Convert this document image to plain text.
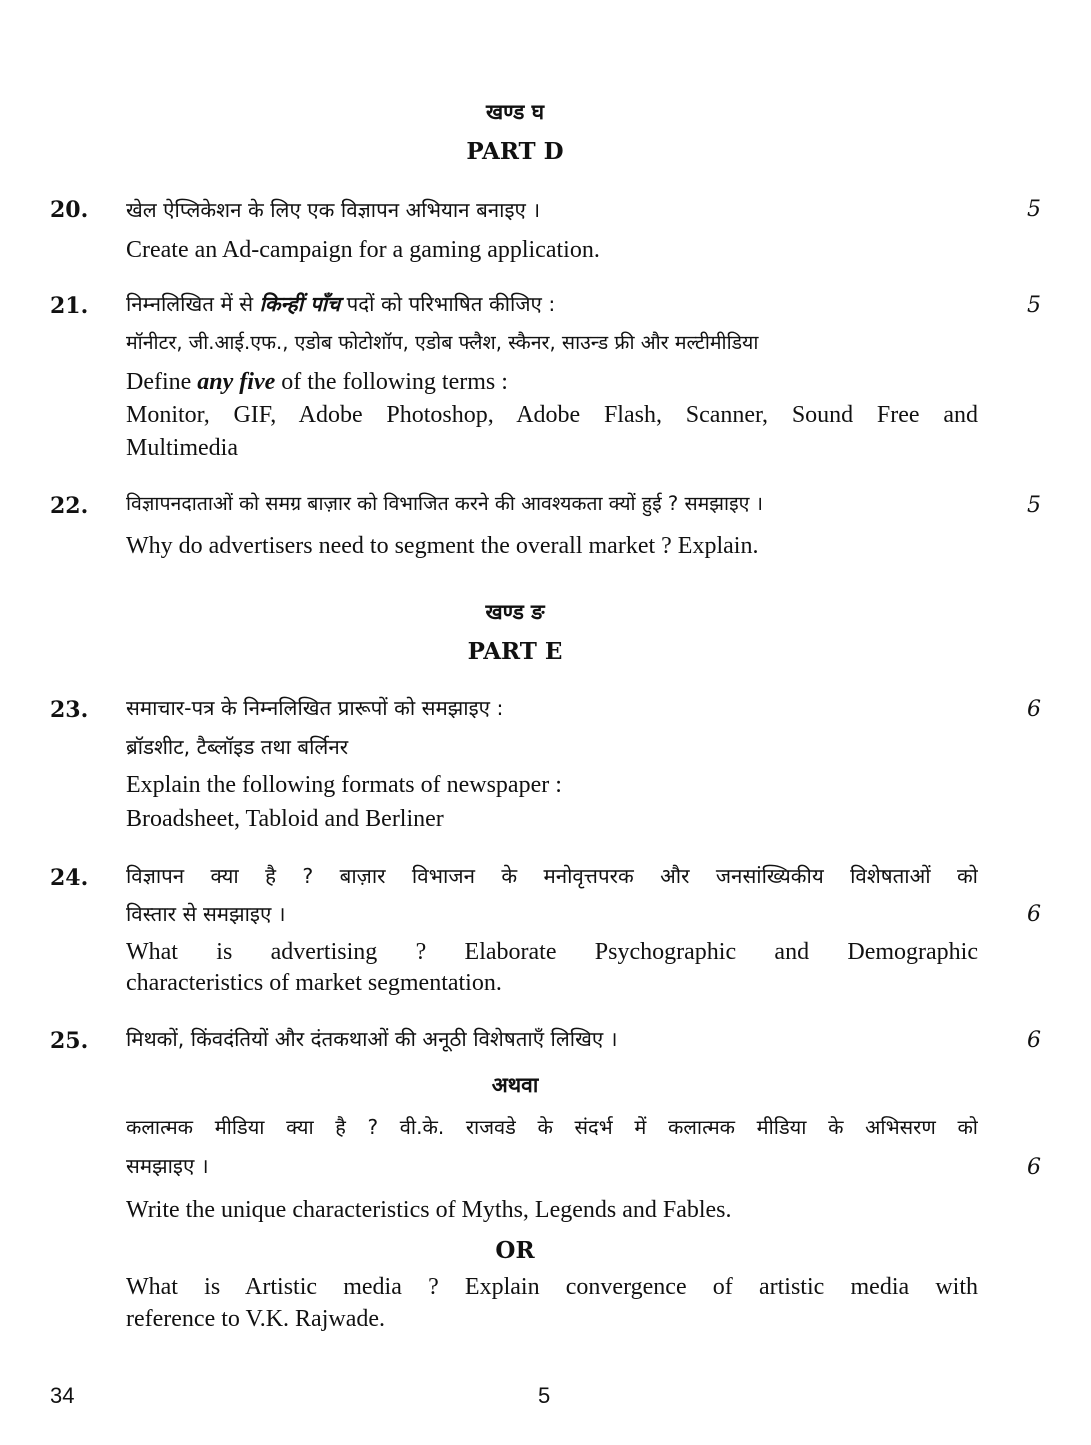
खण्ड घ
PART D
20. खेल ऐप्लिकेशन के लिए एक विज्ञापन अभियान बनाइए ।	5
Create an Ad-campaign for a gaming application.
21. निम्नलिखित में से किन्हीं पाँच पदों को परिभाषित कीजिए :	5
मॉनीटर, जी.आई.एफ., एडोब फोटोशॉप, एडोब फ्लैश, स्कैनर, साउन्ड फ्री और मल्टीमीडिया
Define any five of the following terms :
Monitor, GIF, Adobe Photoshop, Adobe Flash, Scanner, Sound Free and
Multimedia
22. विज्ञापनदाताओं को समग्र बाज़ार को विभाजित करने की आवश्यकता क्यों हुई ? समझाइए ।	5
Why do advertisers need to segment the overall market ? Explain.
खण्ड ङ
PART E
23. समाचार-पत्र के निम्नलिखित प्रारूपों को समझाइए :	6
ब्रॉडशीट, टैब्लॉइड तथा बर्लिनर
Explain the following formats of newspaper :
Broadsheet, Tabloid and Berliner
24. विज्ञापन क्या है ? बाज़ार विभाजन के मनोवृत्तपरक और जनसांख्यिकीय विशेषताओं को
विस्तार से समझाइए ।	6
What is advertising ? Elaborate Psychographic and Demographic
characteristics of market segmentation.
25. मिथकों, किंवदंतियों और दंतकथाओं की अनूठी विशेषताएँ लिखिए ।	6
अथवा
कलात्मक मीडिया क्या है ? वी.के. राजवडे के संदर्भ में कलात्मक मीडिया के अभिसरण को
समझाइए ।	6
Write the unique characteristics of Myths, Legends and Fables.
OR
What is Artistic media ? Explain convergence of artistic media with
reference to V.K. Rajwade.
34	5
